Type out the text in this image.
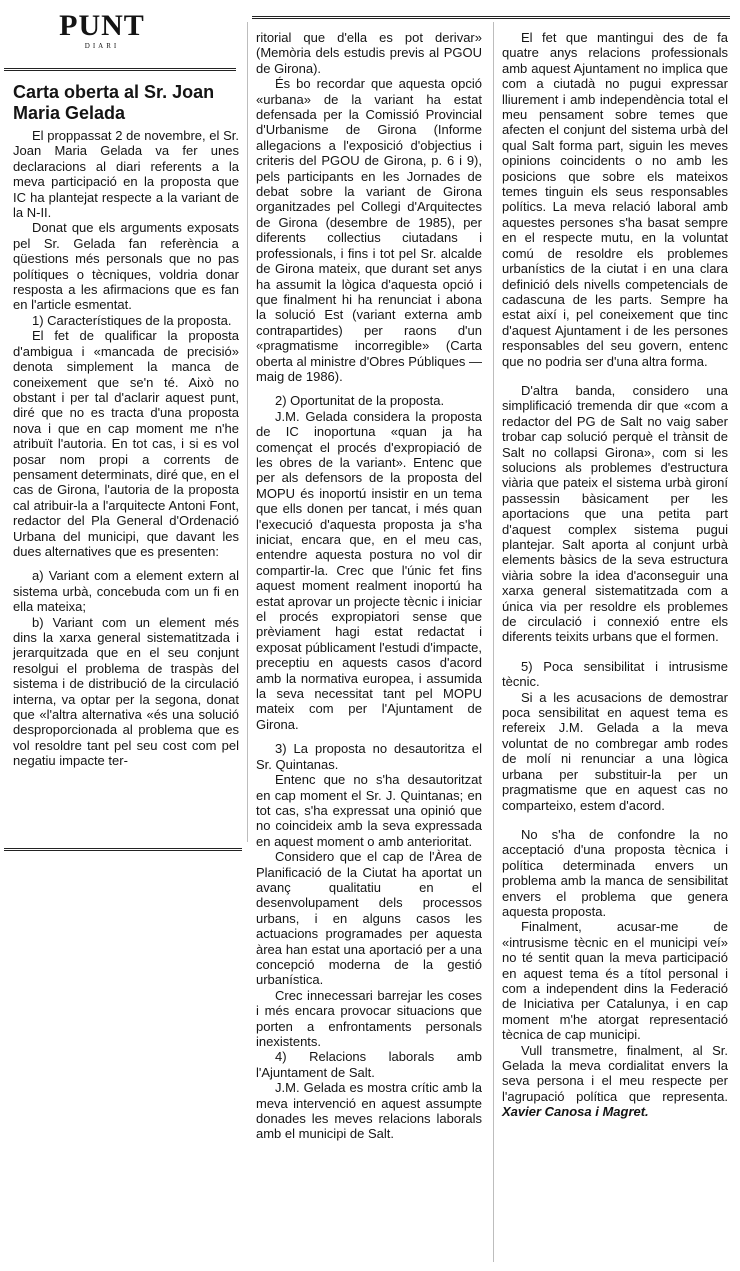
PUNT
DIARI
Carta oberta al Sr. Joan Maria Gelada

El proppassat 2 de novembre, el Sr. Joan Maria Gelada va fer unes declaracions al diari referents a la meva participació en la proposta que IC ha plantejat respecte a la variant de la N-II.

Donat que els arguments exposats pel Sr. Gelada fan referència a qüestions més personals que no pas polítiques o tècniques, voldria donar resposta a les afirmacions que es fan en l'article esmentat.

1) Característiques de la proposta.

El fet de qualificar la proposta d'ambigua i «mancada de precisió» denota simplement la manca de coneixement que se'n té. Això no obstant i per tal d'aclarir aquest punt, diré que no es tracta d'una proposta nova i que en cap moment me n'he atribuït l'autoria. En tot cas, i si es vol posar nom propi a corrents de pensament determinats, diré que, en el cas de Girona, l'autoria de la proposta cal atribuir-la a l'arquitecte Antoni Font, redactor del Pla General d'Ordenació Urbana del municipi, que davant les dues alternatives que es presenten:

a) Variant com a element extern al sistema urbà, concebuda com un fi en ella mateixa;

b) Variant com un element més dins la xarxa general sistematitzada i jerarquitzada que en el seu conjunt resolgui el problema de traspàs del sistema i de distribució de la circulació interna, va optar per la segona, donat que «l'altra alternativa «és una solució desproporcionada al problema que es vol resoldre tant pel seu cost com pel negatiu impacte ter-

ritorial que d'ella es pot derivar» (Memòria dels estudis previs al PGOU de Girona).

És bo recordar que aquesta opció «urbana» de la variant ha estat defensada per la Comissió Provincial d'Urbanisme de Girona (Informe allegacions a l'exposició d'objectius i criteris del PGOU de Girona, p. 6 i 9), pels participants en les Jornades de debat sobre la variant de Girona organitzades pel Collegi d'Arquitectes de Girona (desembre de 1985), per diferents collectius ciutadans i professionals, i fins i tot pel Sr. alcalde de Girona mateix, que durant set anys ha assumit la lògica d'aquesta opció i que finalment hi ha renunciat i abona la solució Est (variant externa amb contrapartides) per raons d'un «pragmatisme incorregible» (Carta oberta al ministre d'Obres Públiques —maig de 1986).

2) Oportunitat de la proposta.

J.M. Gelada considera la proposta de IC inoportuna «quan ja ha començat el procés d'expropiació de les obres de la variant». Entenc que per als defensors de la proposta del MOPU és inoportú insistir en un tema que ells donen per tancat, i més quan l'execució d'aquesta proposta ja s'ha iniciat, encara que, en el meu cas, entendre aquesta postura no vol dir compartir-la. Crec que l'únic fet fins aquest moment realment inoportú ha estat aprovar un projecte tècnic i iniciar el procés expropiatori sense que prèviament hagi estat redactat i exposat públicament l'estudi d'impacte, preceptiu en aquests casos d'acord amb la normativa europea, i assumida la seva necessitat tant pel MOPU mateix com per l'Ajuntament de Girona.

3) La proposta no desautoritza el Sr. Quintanas.

Entenc que no s'ha desautoritzat en cap moment el Sr. J. Quintanas; en tot cas, s'ha expressat una opinió que no coincideix amb la seva expressada en aquest moment o amb anterioritat.

Considero que el cap de l'Àrea de Planificació de la Ciutat ha aportat un avanç qualitatiu en el desenvolupament dels processos urbans, i en alguns casos les actuacions programades per aquesta àrea han estat una aportació per a una concepció moderna de la gestió urbanística.

Crec innecessari barrejar les coses i més encara provocar situacions que porten a enfrontaments personals inexistents.

4) Relacions laborals amb l'Ajuntament de Salt.

J.M. Gelada es mostra crític amb la meva intervenció en aquest assumpte donades les meves relacions laborals amb el municipi de Salt.

El fet que mantingui des de fa quatre anys relacions professionals amb aquest Ajuntament no implica que com a ciutadà no pugui expressar lliurement i amb independència total el meu pensament sobre temes que afecten el conjunt del sistema urbà del qual Salt forma part, siguin les meves opinions coincidents o no amb les posicions que sobre els mateixos temes tinguin els seus responsables polítics. La meva relació laboral amb aquestes persones s'ha basat sempre en el respecte mutu, en la voluntat comú de resoldre els problemes urbanístics de la ciutat i en una clara definició dels nivells competencials de cadascuna de les parts. Sempre ha estat així i, pel coneixement que tinc d'aquest Ajuntament i de les persones responsables del seu govern, entenc que no podria ser d'una altra forma.

D'altra banda, considero una simplificació tremenda dir que «com a redactor del PG de Salt no vaig saber trobar cap solució perquè el trànsit de Salt no collapsi Girona», com si les solucions als problemes d'estructura viària que pateix el sistema urbà gironí passessin bàsicament per les aportacions que una petita part d'aquest complex sistema pugui plantejar. Salt aporta al conjunt urbà elements bàsics de la seva estructura viària sobre la idea d'aconseguir una xarxa general sistematitzada com a única via per resoldre els problemes de circulació i connexió entre els diferents teixits urbans que el formen.

5) Poca sensibilitat i intrusisme tècnic.

Si a les acusacions de demostrar poca sensibilitat en aquest tema es refereix J.M. Gelada a la meva voluntat de no combregar amb rodes de molí ni renunciar a una lògica urbana per substituir-la per un pragmatisme que en aquest cas no comparteixo, estem d'acord.

No s'ha de confondre la no acceptació d'una proposta tècnica i política determinada envers un problema amb la manca de sensibilitat envers el problema que genera aquesta proposta.

Finalment, acusar-me de «intrusisme tècnic en el municipi veí» no té sentit quan la meva participació en aquest tema és a títol personal i com a independent dins la Federació de Iniciativa per Catalunya, i en cap moment m'he atorgat representació tècnica de cap municipi.

Vull transmetre, finalment, al Sr. Gelada la meva cordialitat envers la seva persona i el meu respecte per l'agrupació política que representa. Xavier Canosa i Magret.
